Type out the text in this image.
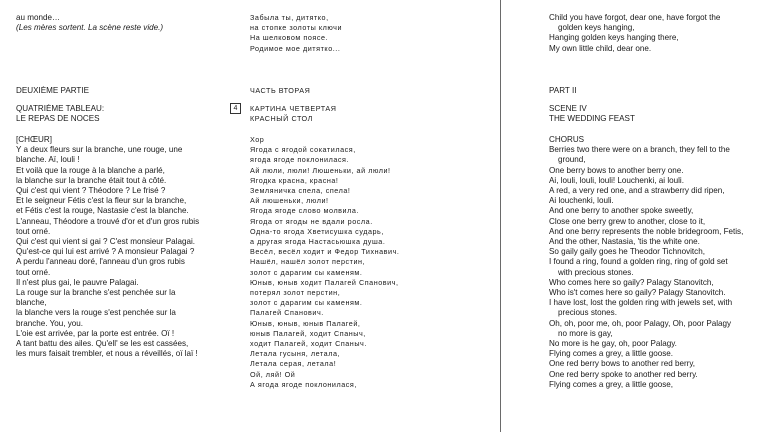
au monde…
(Les mères sortent. La scène reste vide.)
DEUXIÈME PARTIE
QUATRIÈME TABLEAU:
LE REPAS DE NOCES
[CHŒUR]
Y a deux fleurs sur la branche, une rouge, une
blanche. Aï, louli !
Et voilà que la rouge à la blanche a parlé,
la blanche sur la branche était tout à côté.
Qui c'est qui vient ? Théodore ? Le frisé ?
Et le seigneur Fétis c'est la fleur sur la branche,
et Fétis c'est la rouge, Nastasie c'est la blanche.
L'anneau, Théodore a trouvé d'or et d'un gros rubis
tout orné.
Qui c'est qui vient si gai ? C'est monsieur Palagai.
Qu'est-ce qui lui est arrivé ? A monsieur Palagai ?
A perdu l'anneau doré, l'anneau d'un gros rubis
tout orné.
Il n'est plus gai, le pauvre Palagai.
La rouge sur la branche s'est penchée sur la
blanche,
la blanche vers la rouge s'est penchée sur la
branche. You, you.
L'oie est arrivée, par la porte est entrée. Oï !
A tant battu des ailes. Qu'ell' se les est cassées,
les murs faisait trembler, et nous a réveillés, oï laï !
Забыла ты, дитятко,
на стопке золоты ключи
На шелковом поясе.
Родимое мое дитятко...
ЧАСТЬ ВТОРАЯ
КАРТИНА ЧЕТВЕРТАЯ
КРАСНЫЙ СТОЛ
Хор
Ягода с ягодой сокатилася,
ягода ягоде поклонилася.
Ай люли, люли! Люшеньки, ай люли!
Ягодка красна, красна!
Земляничка спела, спела!
Ай люшеньки, люли!
Ягода ягоде слово молвила.
Ягода от ягоды не вдали росла.
Одна-то ягода Хветисушка сударь,
а другая ягода Настасьюшка душа.
Весёл, весёл ходит и Федор Тихнавич.
Нашёл, нашёл золот перстин,
золот с дарагим сы каменям.
Юныв, юныв ходит Палагей Спанович,
потерял золот перстин,
золот с дарагим сы каменям.
Палагей Спанович.
Юныв, юныв, юныв Палагей,
юныв Палагей, ходит Спаныч,
ходит Палагей, ходит Спаныч.
Летала гусыня, летала,
Летала серая, летала!
Ой, ляй! Ой
А ягода ягоде поклонилася,
4
Child you have forgot, dear one, have forgot the
golden keys hanging,
Hanging golden keys hanging there,
My own little child, dear one.
PART II
SCENE IV
THE WEDDING FEAST
CHORUS
Berries two there were on a branch, they fell to the
ground,
One berry bows to another berry one.
Ai, louli, louli, louli! Louchenki, ai louli.
A red, a very red one, and a strawberry did ripen,
Ai louchenki, louli.
And one berry to another spoke sweetly,
Close one berry grew to another, close to it,
And one berry represents the noble bridegroom, Fetis,
And the other, Nastasia, 'tis the white one.
So gaily gaily goes he Theodor Tichnovitch,
I found a ring, found a golden ring, ring of gold set
with precious stones.
Who comes here so gaily? Palagy Stanovitch,
Who is't comes here so gaily? Palagy Stanovitch.
I have lost, lost the golden ring with jewels set, with
precious stones.
Oh, oh, poor me, oh, poor Palagy, Oh, poor Palagy
no more is gay,
No more is he gay, oh, poor Palagy.
Flying comes a grey, a little goose.
One red berry bows to another red berry,
One red berry spoke to another red berry.
Flying comes a grey, a little goose,
